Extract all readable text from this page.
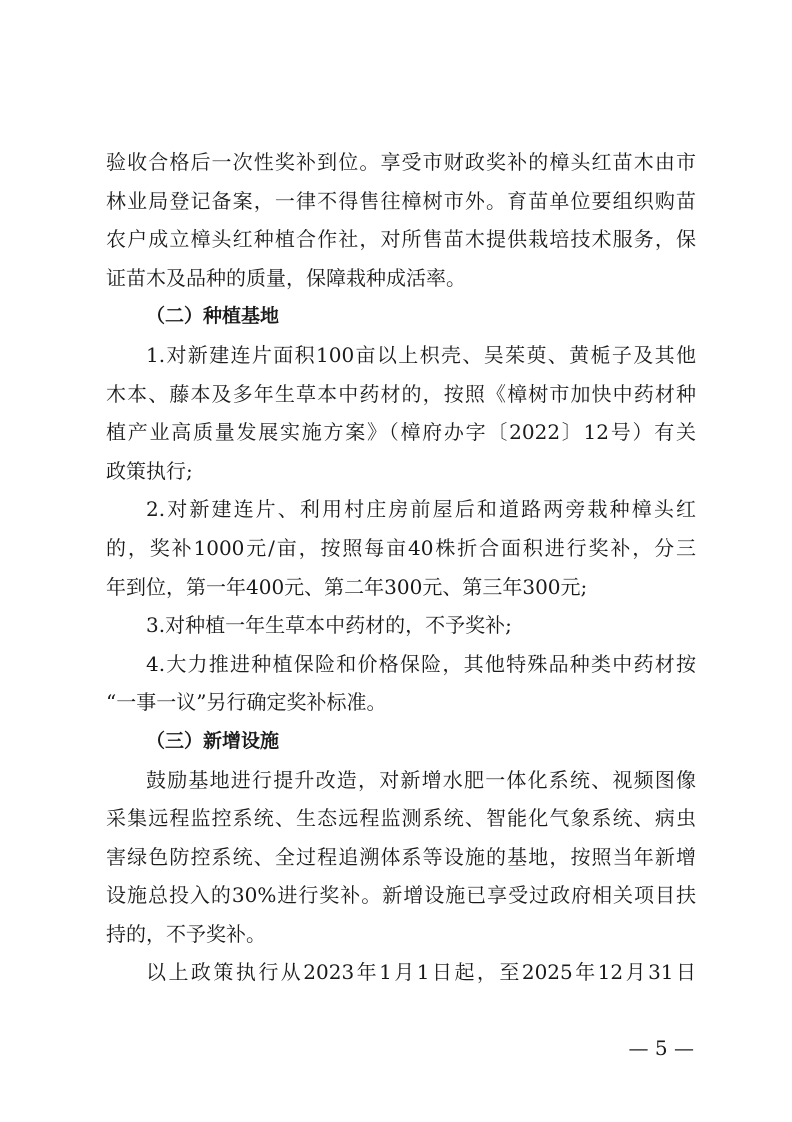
验收合格后一次性奖补到位。享受市财政奖补的樟头红苗木由市
林业局登记备案，一律不得售往樟树市外。育苗单位要组织购苗
农户成立樟头红种植合作社，对所售苗木提供栽培技术服务，保
证苗木及品种的质量，保障栽种成活率。
（二）种植基地
1.对新建连片面积100亩以上枳壳、吴茱萸、黄栀子及其他
木本、藤本及多年生草本中药材的，按照《樟树市加快中药材种
植产业高质量发展实施方案》（樟府办字〔2022〕12号）有关
政策执行;
2.对新建连片、利用村庄房前屋后和道路两旁栽种樟头红
的，奖补1000元/亩，按照每亩40株折合面积进行奖补，分三
年到位，第一年400元、第二年300元、第三年300元;
3.对种植一年生草本中药材的，不予奖补;
4.大力推进种植保险和价格保险，其他特殊品种类中药材按
“一事一议”另行确定奖补标准。
（三）新增设施
鼓励基地进行提升改造，对新增水肥一体化系统、视频图像
采集远程监控系统、生态远程监测系统、智能化气象系统、病虫
害绿色防控系统、全过程追溯体系等设施的基地，按照当年新增
设施总投入的30%进行奖补。新增设施已享受过政府相关项目扶
持的，不予奖补。
以上政策执行从2023年1月1日起，至2025年12月31日
— 5 —
